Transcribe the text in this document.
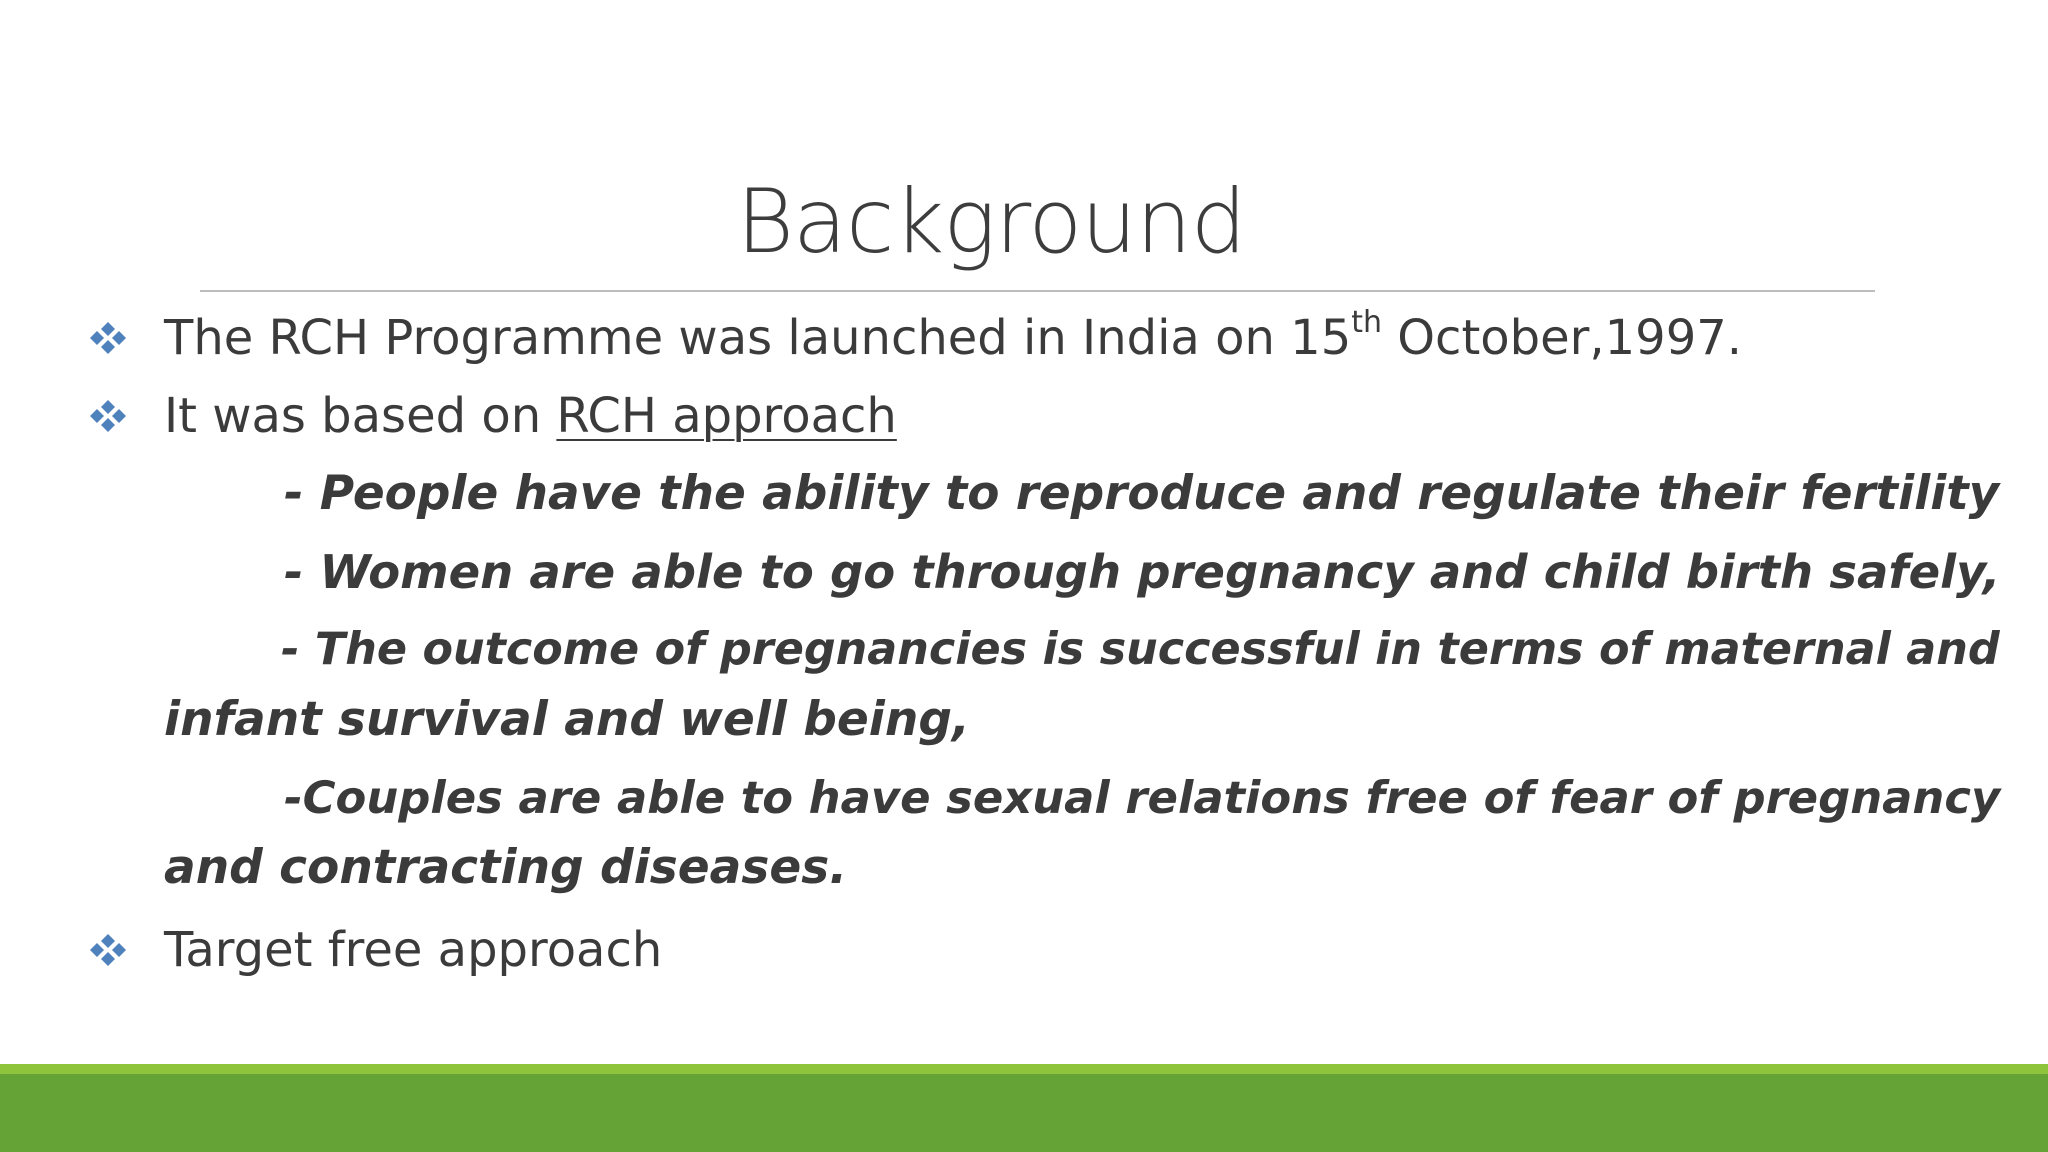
Background
The RCH Programme was launched in India on 15th October,1997.
It was based on RCH approach
- People have the ability to reproduce and regulate their fertility
- Women are able to go through pregnancy and child birth safely,
- The outcome of pregnancies is successful in terms of maternal and
infant survival and well being,
-Couples are able to have sexual relations free of fear of pregnancy
and contracting diseases.
Target free approach
